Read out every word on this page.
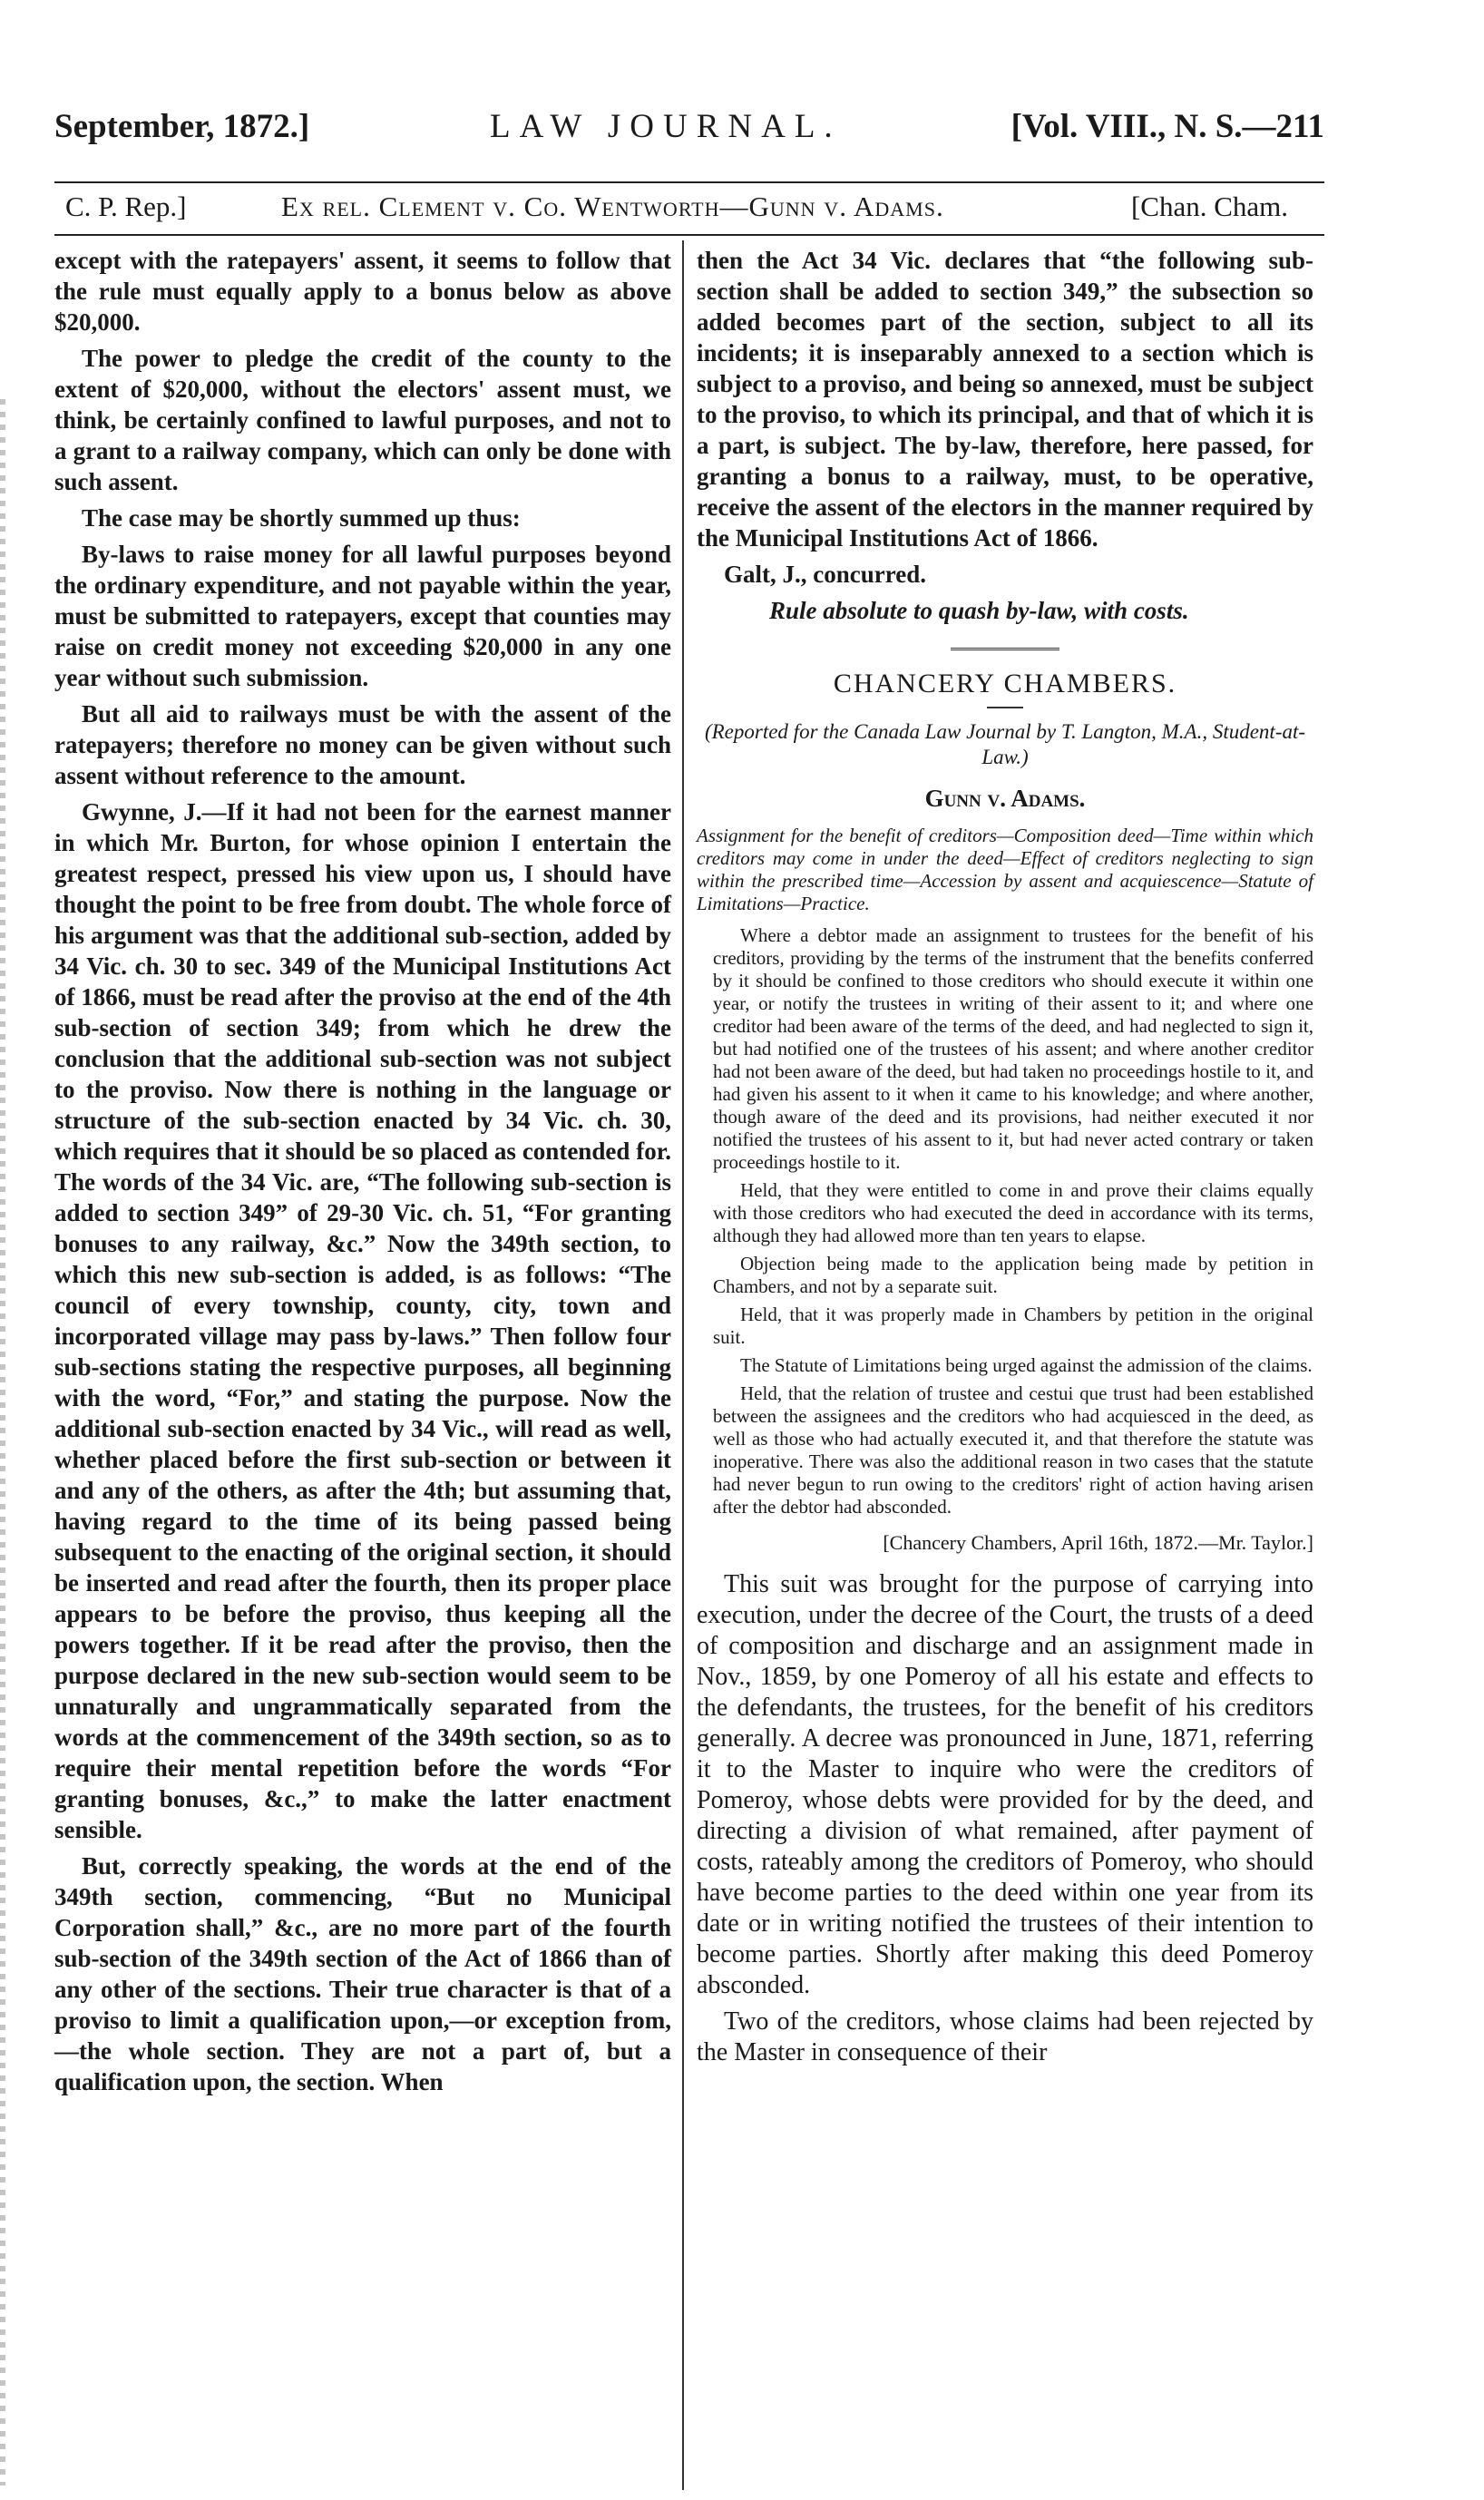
September, 1872.]	LAW JOURNAL.	[Vol. VIII., N. S.—211
C. P. Rep.]	Ex rel. Clement v. Co. Wentworth—Gunn v. Adams.	[Chan. Cham.

except with the ratepayers' assent, it seems to follow that the rule must equally apply to a bonus below as above $20,000.

The power to pledge the credit of the county to the extent of $20,000, without the electors' assent must, we think, be certainly confined to lawful purposes, and not to a grant to a railway company, which can only be done with such assent.

The case may be shortly summed up thus:

By-laws to raise money for all lawful purposes beyond the ordinary expenditure, and not payable within the year, must be submitted to ratepayers, except that counties may raise on credit money not exceeding $20,000 in any one year without such submission.

But all aid to railways must be with the assent of the ratepayers; therefore no money can be given without such assent without reference to the amount.

Gwynne, J.—If it had not been for the earnest manner in which Mr. Burton, for whose opinion I entertain the greatest respect, pressed his view upon us, I should have thought the point to be free from doubt. The whole force of his argument was that the additional sub-section, added by 34 Vic. ch. 30 to sec. 349 of the Municipal Institutions Act of 1866, must be read after the proviso at the end of the 4th sub-section of section 349; from which he drew the conclusion that the additional sub-section was not subject to the proviso. Now there is nothing in the language or structure of the sub-section enacted by 34 Vic. ch. 30, which requires that it should be so placed as contended for. The words of the 34 Vic. are, “The following sub-section is added to section 349” of 29-30 Vic. ch. 51, “For granting bonuses to any railway, &c.” Now the 349th section, to which this new sub-section is added, is as follows: “The council of every township, county, city, town and incorporated village may pass by-laws.” Then follow four sub-sections stating the respective purposes, all beginning with the word, “For,” and stating the purpose. Now the additional sub-section enacted by 34 Vic., will read as well, whether placed before the first sub-section or between it and any of the others, as after the 4th; but assuming that, having regard to the time of its being passed being subsequent to the enacting of the original section, it should be inserted and read after the fourth, then its proper place appears to be before the proviso, thus keeping all the powers together. If it be read after the proviso, then the purpose declared in the new sub-section would seem to be unnaturally and ungrammatically separated from the words at the commencement of the 349th section, so as to require their mental repetition before the words “For granting bonuses, &c.,” to make the latter enactment sensible.

But, correctly speaking, the words at the end of the 349th section, commencing, “But no Municipal Corporation shall,” &c., are no more part of the fourth sub-section of the 349th section of the Act of 1866 than of any other of the sections. Their true character is that of a proviso to limit a qualification upon,—or exception from,—the whole section. They are not a part of, but a qualification upon, the section. When

then the Act 34 Vic. declares that “the following sub-section shall be added to section 349,” the subsection so added becomes part of the section, subject to all its incidents; it is inseparably annexed to a section which is subject to a proviso, and being so annexed, must be subject to the proviso, to which its principal, and that of which it is a part, is subject. The by-law, therefore, here passed, for granting a bonus to a railway, must, to be operative, receive the assent of the electors in the manner required by the Municipal Institutions Act of 1866.

Galt, J., concurred.

Rule absolute to quash by-law, with costs.

CHANCERY CHAMBERS.
(Reported for the Canada Law Journal by T. Langton, M.A., Student-at-Law.)
Gunn v. Adams.
Assignment for the benefit of creditors—Composition deed—Time within which creditors may come in under the deed—Effect of creditors neglecting to sign within the prescribed time—Accession by assent and acquiescence—Statute of Limitations—Practice.

Where a debtor made an assignment to trustees for the benefit of his creditors, providing by the terms of the instrument that the benefits conferred by it should be confined to those creditors who should execute it within one year, or notify the trustees in writing of their assent to it; and where one creditor had been aware of the terms of the deed, and had neglected to sign it, but had notified one of the trustees of his assent; and where another creditor had not been aware of the deed, but had taken no proceedings hostile to it, and had given his assent to it when it came to his knowledge; and where another, though aware of the deed and its provisions, had neither executed it nor notified the trustees of his assent to it, but had never acted contrary or taken proceedings hostile to it.

Held, that they were entitled to come in and prove their claims equally with those creditors who had executed the deed in accordance with its terms, although they had allowed more than ten years to elapse.

Objection being made to the application being made by petition in Chambers, and not by a separate suit.

Held, that it was properly made in Chambers by petition in the original suit.

The Statute of Limitations being urged against the admission of the claims.

Held, that the relation of trustee and cestui que trust had been established between the assignees and the creditors who had acquiesced in the deed, as well as those who had actually executed it, and that therefore the statute was inoperative. There was also the additional reason in two cases that the statute had never begun to run owing to the creditors' right of action having arisen after the debtor had absconded.

[Chancery Chambers, April 16th, 1872.—Mr. Taylor.]

This suit was brought for the purpose of carrying into execution, under the decree of the Court, the trusts of a deed of composition and discharge and an assignment made in Nov., 1859, by one Pomeroy of all his estate and effects to the defendants, the trustees, for the benefit of his creditors generally. A decree was pronounced in June, 1871, referring it to the Master to inquire who were the creditors of Pomeroy, whose debts were provided for by the deed, and directing a division of what remained, after payment of costs, rateably among the creditors of Pomeroy, who should have become parties to the deed within one year from its date or in writing notified the trustees of their intention to become parties. Shortly after making this deed Pomeroy absconded.

Two of the creditors, whose claims had been rejected by the Master in consequence of their
